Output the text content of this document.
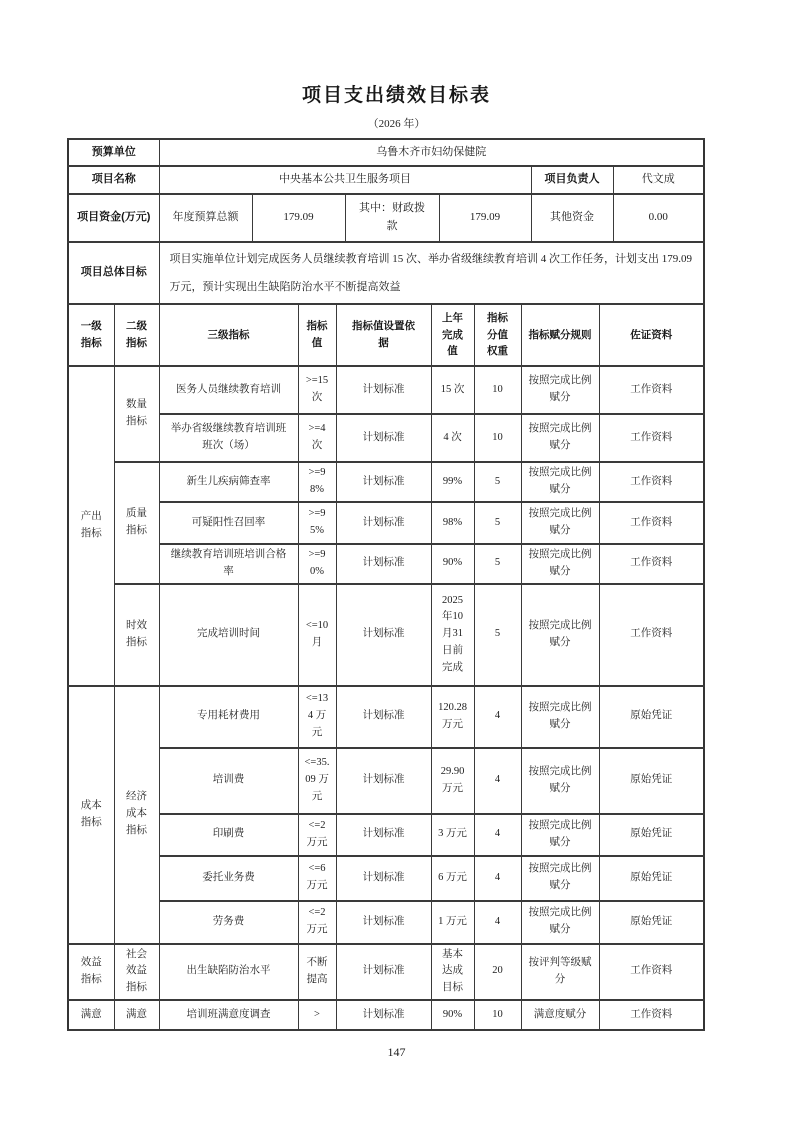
项目支出绩效目标表
（2026 年）
预算单位	乌鲁木齐市妇幼保健院					
项目名称	中央基本公共卫生服务项目				项目负责人	代文成
项目资金(万元)	年度预算总额	179.09	其中：财政拨款	179.09	其他资金	0.00
项目总体目标	项目实施单位计划完成医务人员继续教育培训 15 次、举办省级继续教育培训 4 次工作任务，计划支出 179.09 万元，预计实现出生缺陷防治水平不断提高效益					
一级指标	二级指标	三级指标	指标值	指标值设置依据	上年完成值	指标分值权重	指标赋分规则	佐证资料
产出指标	数量指标	医务人员继续教育培训	>=15 次	计划标准	15 次	10	按照完成比例赋分	工作资料
		举办省级继续教育培训班班次（场）	>=4 次	计划标准	4 次	10	按照完成比例赋分	工作资料
	质量指标	新生儿疾病筛查率	>=98%	计划标准	99%	5	按照完成比例赋分	工作资料
		可疑阳性召回率	>=95%	计划标准	98%	5	按照完成比例赋分	工作资料
		继续教育培训班培训合格率	>=90%	计划标准	90%	5	按照完成比例赋分	工作资料
	时效指标	完成培训时间	<=10 月	计划标准	2025年10月31日前完成	5	按照完成比例赋分	工作资料
成本指标	经济成本指标	专用耗材费用	<=134 万元	计划标准	120.28 万元	4	按照完成比例赋分	原始凭证
		培训费	<=35.09 万元	计划标准	29.90 万元	4	按照完成比例赋分	原始凭证
		印刷费	<=2 万元	计划标准	3 万元	4	按照完成比例赋分	原始凭证
		委托业务费	<=6 万元	计划标准	6 万元	4	按照完成比例赋分	原始凭证
		劳务费	<=2 万元	计划标准	1 万元	4	按照完成比例赋分	原始凭证
效益指标	社会效益指标	出生缺陷防治水平	不断提高	计划标准	基本达成目标	20	按评判等级赋分	工作资料
满意	满意	培训班满意度调查	>	计划标准	90%	10	满意度赋分	工作资料
147
